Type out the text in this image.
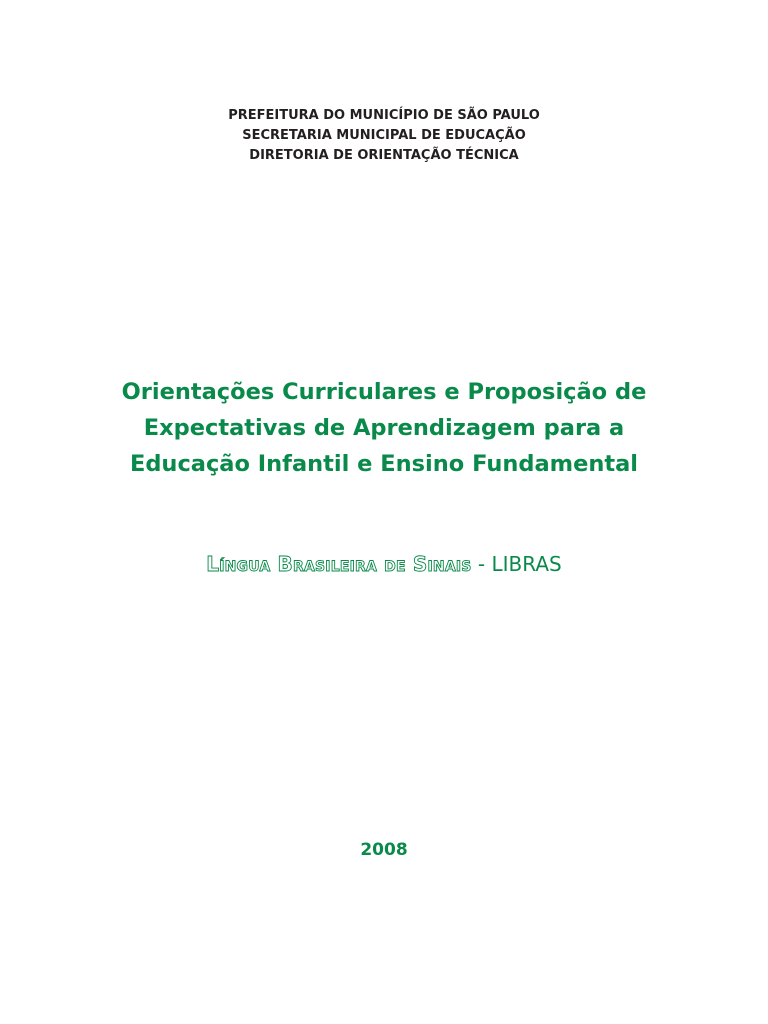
PREFEITURA DO MUNICÍPIO DE SÃO PAULO
SECRETARIA MUNICIPAL DE EDUCAÇÃO
DIRETORIA DE ORIENTAÇÃO TÉCNICA
Orientações Curriculares e Proposição de
Expectativas de Aprendizagem para a
Educação Infantil e Ensino Fundamental
Língua Brasileira de Sinais - LIBRAS
2008
